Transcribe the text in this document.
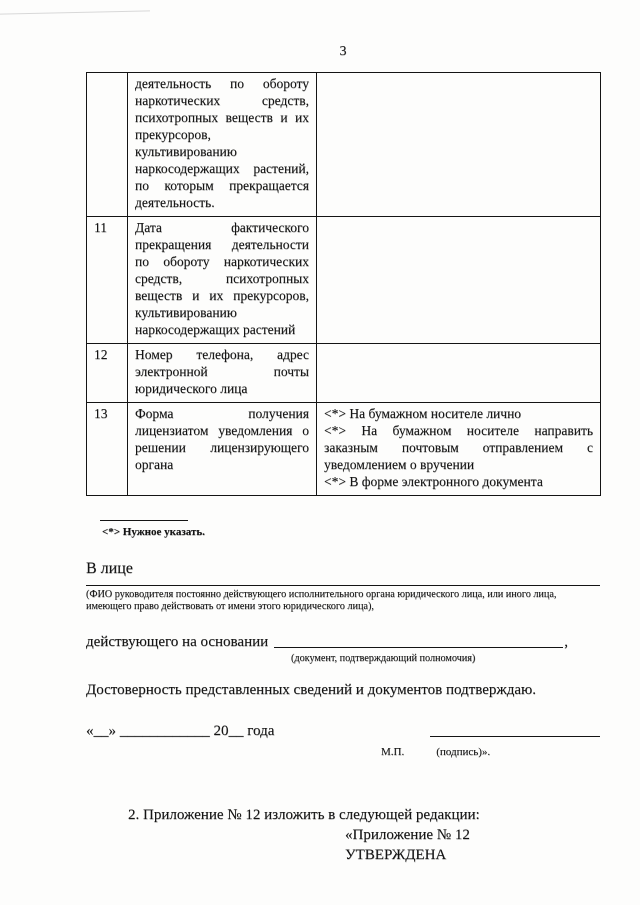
3
	деятельность по обороту наркотических средств, психотропных веществ и их прекурсоров, культивированию наркосодержащих растений, по которым прекращается деятельность.	
11	Дата фактического прекращения деятельности по обороту наркотических средств, психотропных веществ и их прекурсоров, культивированию наркосодержащих растений	
12	Номер телефона, адрес электронной почты юридического лица	
13	Форма получения лицензиатом уведомления о решении лицензирующего органа	<*> На бумажном носителе лично
<*> На бумажном носителе направить заказным почтовым отправлением с уведомлением о вручении
<*> В форме электронного документа
<*> Нужное указать.
В лице
(ФИО руководителя постоянно действующего исполнительного органа юридического лица, или иного лица, имеющего право действовать от имени этого юридического лица),
действующего на основании	,
(документ, подтверждающий полномочия)
Достоверность представленных сведений и документов подтверждаю.
«__» ____________ 20__ года
М.П.	(подпись)».
2. Приложение № 12 изложить в следующей редакции:
«Приложение № 12
УТВЕРЖДЕНА
